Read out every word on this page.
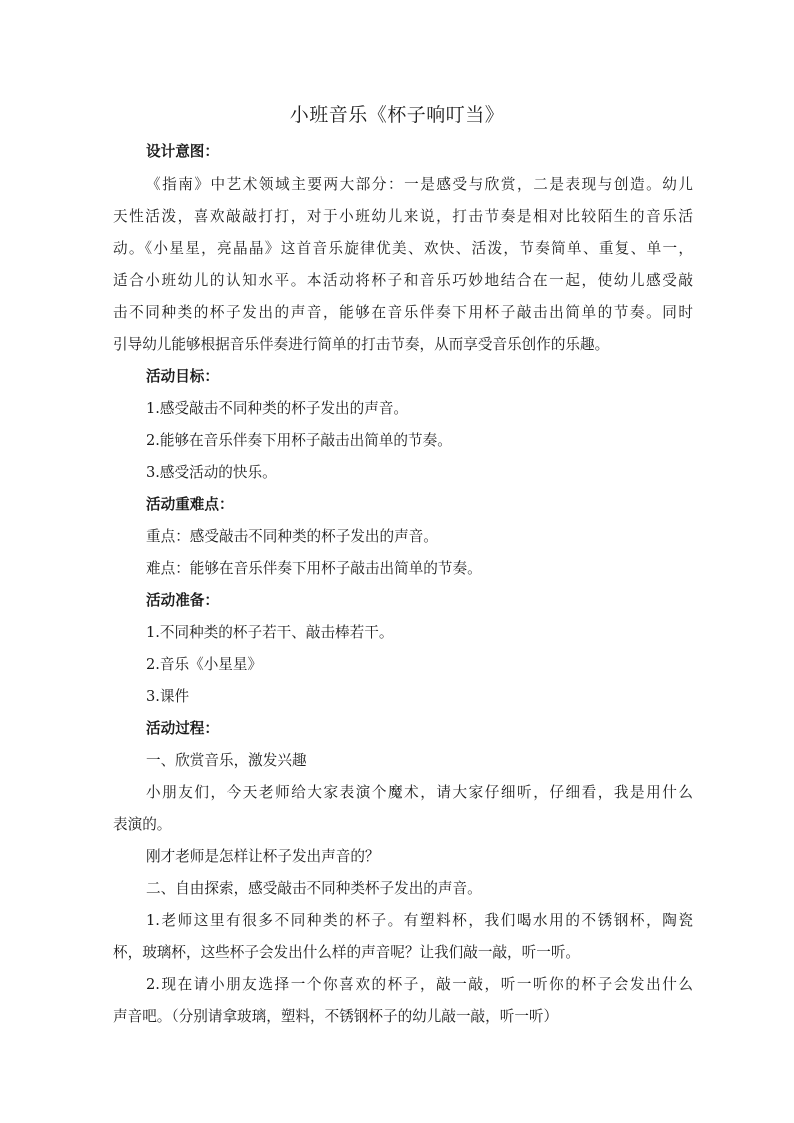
小班音乐《杯子响叮当》
设计意图：
《指南》中艺术领域主要两大部分：一是感受与欣赏，二是表现与创造。幼儿
天性活泼，喜欢敲敲打打，对于小班幼儿来说，打击节奏是相对比较陌生的音乐活
动。《小星星，亮晶晶》这首音乐旋律优美、欢快、活泼，节奏简单、重复、单一，
适合小班幼儿的认知水平。本活动将杯子和音乐巧妙地结合在一起，使幼儿感受敲
击不同种类的杯子发出的声音，能够在音乐伴奏下用杯子敲击出简单的节奏。同时
引导幼儿能够根据音乐伴奏进行简单的打击节奏，从而享受音乐创作的乐趣。
活动目标：
1.感受敲击不同种类的杯子发出的声音。
2.能够在音乐伴奏下用杯子敲击出简单的节奏。
3.感受活动的快乐。
活动重难点：
重点：感受敲击不同种类的杯子发出的声音。
难点：能够在音乐伴奏下用杯子敲击出简单的节奏。
活动准备：
1.不同种类的杯子若干、敲击棒若干。
2.音乐《小星星》
3.课件
活动过程：
一、欣赏音乐，激发兴趣
小朋友们，今天老师给大家表演个魔术，请大家仔细听，仔细看，我是用什么
表演的。
刚才老师是怎样让杯子发出声音的？
二、自由探索，感受敲击不同种类杯子发出的声音。
1.老师这里有很多不同种类的杯子。有塑料杯，我们喝水用的不锈钢杯，陶瓷
杯，玻璃杯，这些杯子会发出什么样的声音呢？让我们敲一敲，听一听。
2.现在请小朋友选择一个你喜欢的杯子，敲一敲，听一听你的杯子会发出什么
声音吧。（分别请拿玻璃，塑料，不锈钢杯子的幼儿敲一敲，听一听）
